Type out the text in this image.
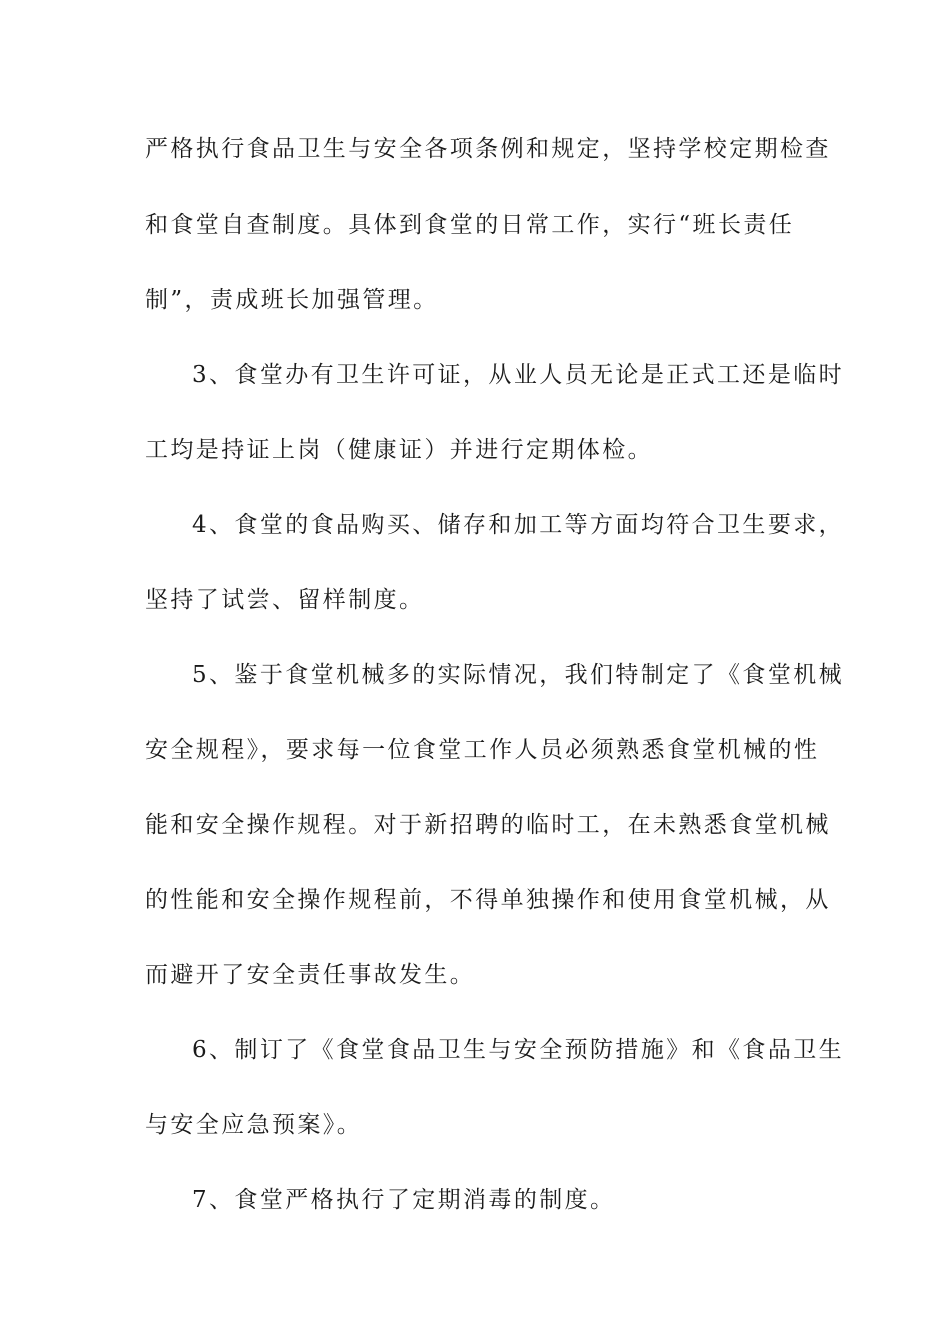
严格执行食品卫生与安全各项条例和规定，坚持学校定期检查
和食堂自查制度。具体到食堂的日常工作，实行“班长责任
制”，责成班长加强管理。
3、食堂办有卫生许可证，从业人员无论是正式工还是临时
工均是持证上岗（健康证）并进行定期体检。
4、食堂的食品购买、储存和加工等方面均符合卫生要求，
坚持了试尝、留样制度。
5、鉴于食堂机械多的实际情况，我们特制定了《食堂机械
安全规程》，要求每一位食堂工作人员必须熟悉食堂机械的性
能和安全操作规程。对于新招聘的临时工，在未熟悉食堂机械
的性能和安全操作规程前，不得单独操作和使用食堂机械，从
而避开了安全责任事故发生。
6、制订了《食堂食品卫生与安全预防措施》和《食品卫生
与安全应急预案》。
7、食堂严格执行了定期消毒的制度。
